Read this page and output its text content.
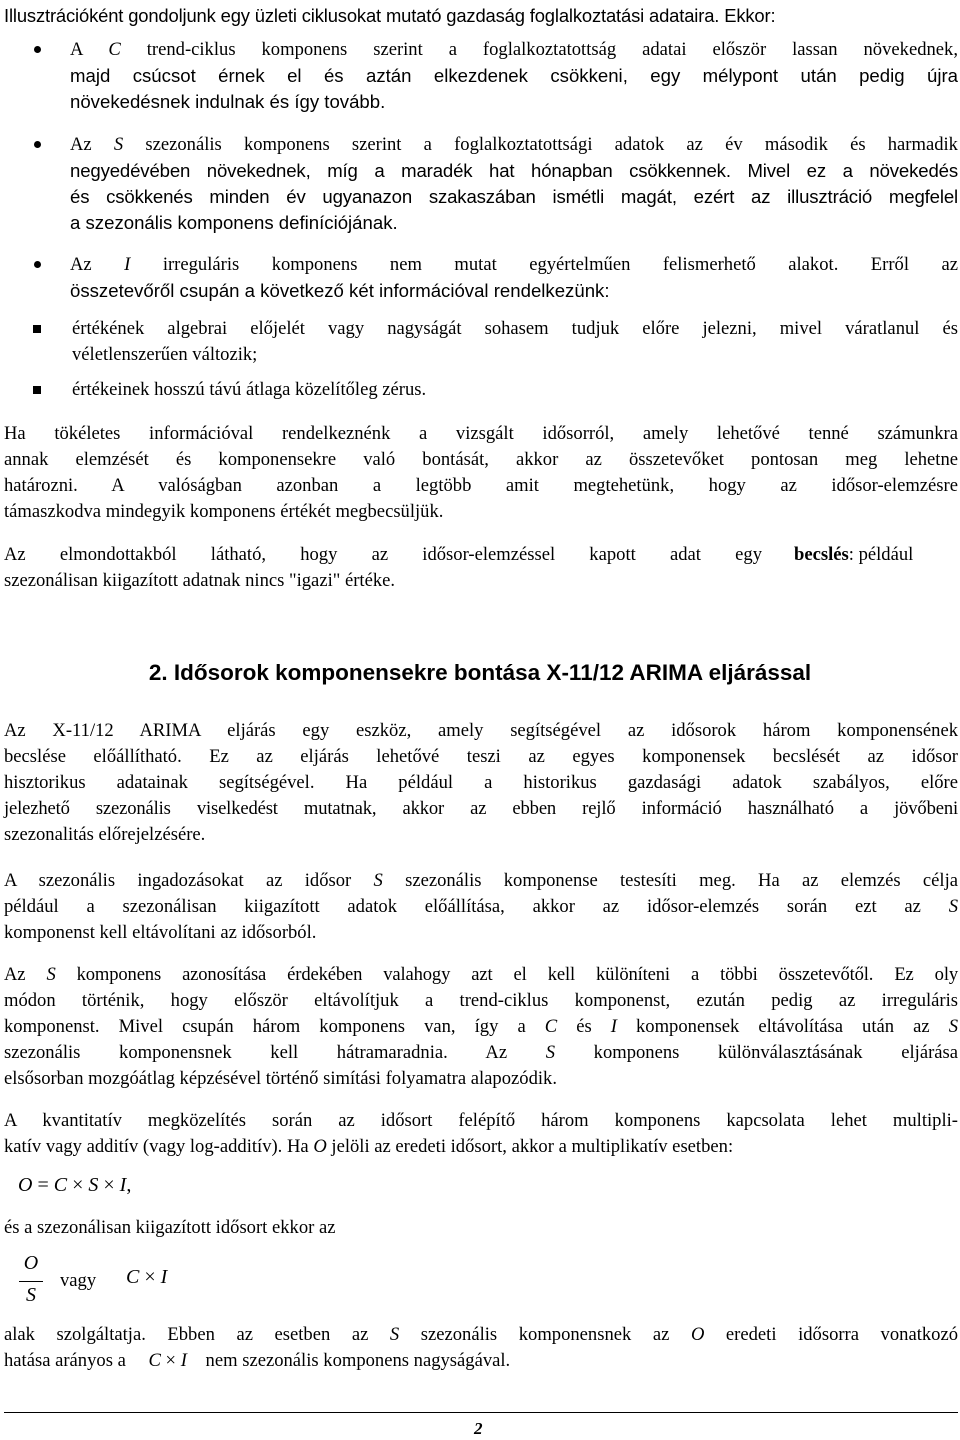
Illusztrációként gondoljunk egy üzleti ciklusokat mutató gazdaság foglalkoztatási adataira. Ekkor:
A C trend-ciklus komponens szerint a foglalkoztatottság adatai először lassan növekednek,
majd csúcsot érnek el és aztán elkezdenek csökkeni, egy mélypont után pedig újra
növekedésnek indulnak és így tovább.
Az S szezonális komponens szerint a foglalkoztatottsági adatok az év második és harmadik
negyedévében növekednek, míg a maradék hat hónapban csökkennek. Mivel ez a növekedés
és csökkenés minden év ugyanazon szakaszában ismétli magát, ezért az illusztráció megfelel
a szezonális komponens definíciójának.
Az I irreguláris komponens nem mutat egyértelműen felismerhető alakot. Erről az
összetevőről csupán a következő két információval rendelkezünk:
értékének algebrai előjelét vagy nagyságát sohasem tudjuk előre jelezni, mivel váratlanul és
véletlenszerűen változik;
értékeinek hosszú távú átlaga közelítőleg zérus.
Ha tökéletes információval rendelkeznénk a vizsgált idősorról, amely lehetővé tenné számunkra
annak elemzését és komponensekre való bontását, akkor az összetevőket pontosan meg lehetne
határozni. A valóságban azonban a legtöbb amit megtehetünk, hogy az idősor-elemzésre
támaszkodva mindegyik komponens értékét megbecsüljük.
Az elmondottakból látható, hogy az idősor-elemzéssel kapott adat egy becslés: például
szezonálisan kiigazított adatnak nincs "igazi" értéke.
2. Idősorok komponensekre bontása X-11/12 ARIMA eljárással
Az X-11/12 ARIMA eljárás egy eszköz, amely segítségével az idősorok három komponensének
becslése előállítható. Ez az eljárás lehetővé teszi az egyes komponensek becslését az idősor
hisztorikus adatainak segítségével. Ha például a historikus gazdasági adatok szabályos, előre
jelezhető szezonális viselkedést mutatnak, akkor az ebben rejlő információ használható a jövőbeni
szezonalitás előrejelzésére.
A szezonális ingadozásokat az idősor S szezonális komponense testesíti meg. Ha az elemzés célja
például a szezonálisan kiigazított adatok előállítása, akkor az idősor-elemzés során ezt az S
komponenst kell eltávolítani az idősorból.
Az S komponens azonosítása érdekében valahogy azt el kell különíteni a többi összetevőtől. Ez oly
módon történik, hogy először eltávolítjuk a trend-ciklus komponenst, ezután pedig az irreguláris
komponenst. Mivel csupán három komponens van, így a C és I komponensek eltávolítása után az S
szezonális komponensnek kell hátramaradnia. Az S komponens különválasztásának eljárása
elsősorban mozgóátlag képzésével történő simítási folyamatra alapozódik.
A kvantitatív megközelítés során az idősort felépítő három komponens kapcsolata lehet multipli-
katív vagy additív (vagy log-additív). Ha O jelöli az eredeti idősort, akkor a multiplikatív esetben:
O = C × S × I,
és a szezonálisan kiigazított idősort ekkor az
O
S
vagy C × I
alak szolgáltatja. Ebben az esetben az S szezonális komponensnek az O eredeti idősorra vonatkozó
hatása arányos a C × I nem szezonális komponens nagyságával.
2
